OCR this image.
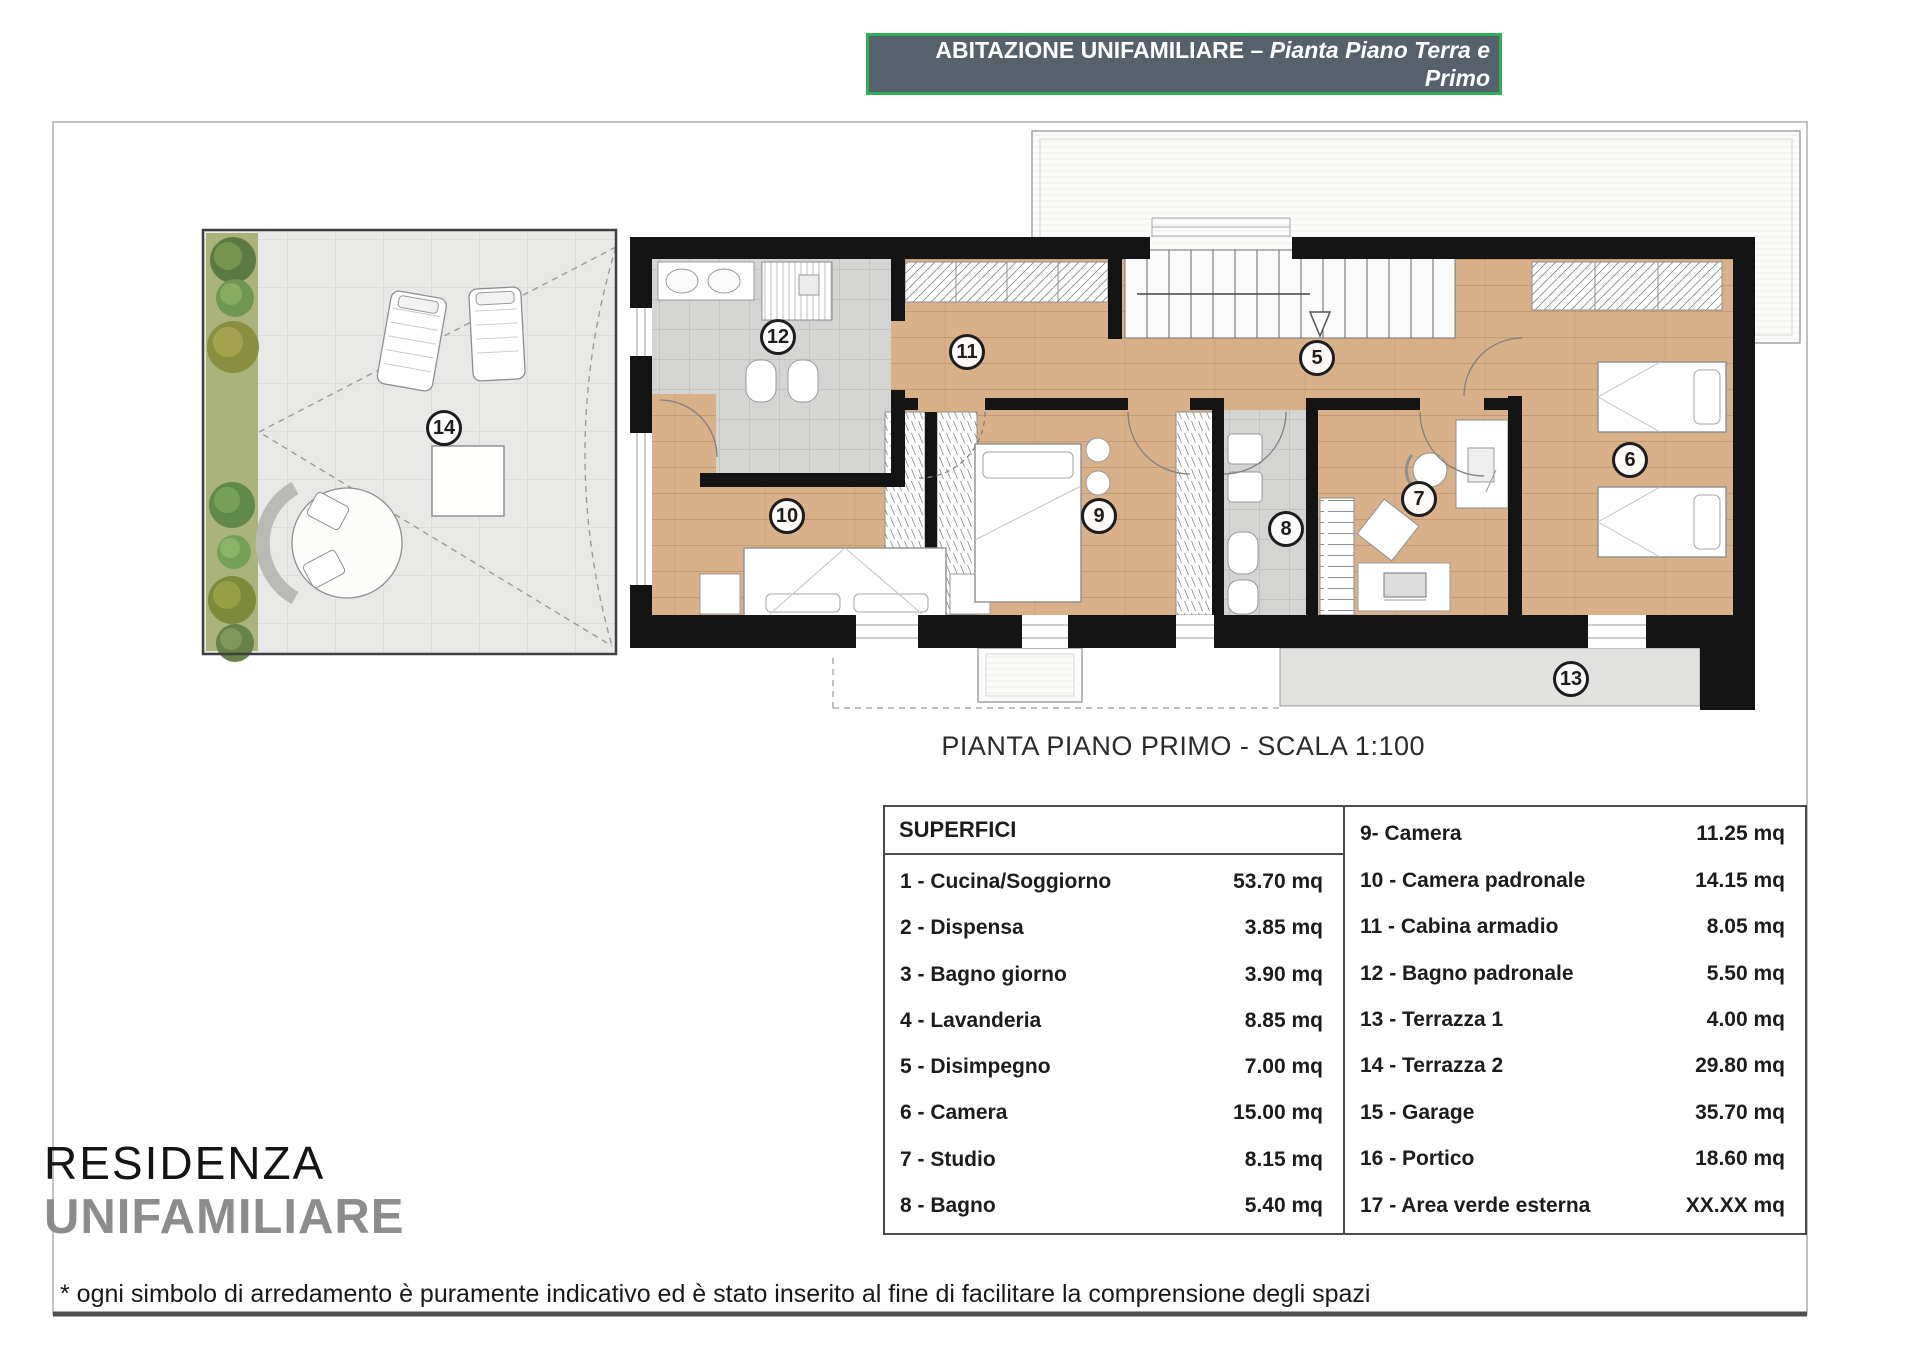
ABITAZIONE UNIFAMILIARE – Pianta Piano Terra e
Primo
5
6
7
8
9
10
11
12
13
14
PIANTA PIANO PRIMO - SCALA 1:100
SUPERFICI
1 - Cucina/Soggiorno	53.70 mq
2 - Dispensa	3.85 mq
3 - Bagno giorno	3.90 mq
4 - Lavanderia	8.85 mq
5 - Disimpegno	7.00 mq
6 - Camera	15.00 mq
7 - Studio	8.15 mq
8 - Bagno	5.40 mq
9- Camera	11.25 mq
10 - Camera padronale	14.15 mq
11 - Cabina armadio	8.05 mq
12 - Bagno padronale	5.50 mq
13 - Terrazza 1	4.00 mq
14 - Terrazza 2	29.80 mq
15 - Garage	35.70 mq
16 - Portico	18.60 mq
17 - Area verde esterna	XX.XX mq
RESIDENZA
UNIFAMILIARE
* ogni simbolo di arredamento è puramente indicativo ed è stato inserito al fine di facilitare la comprensione degli spazi
